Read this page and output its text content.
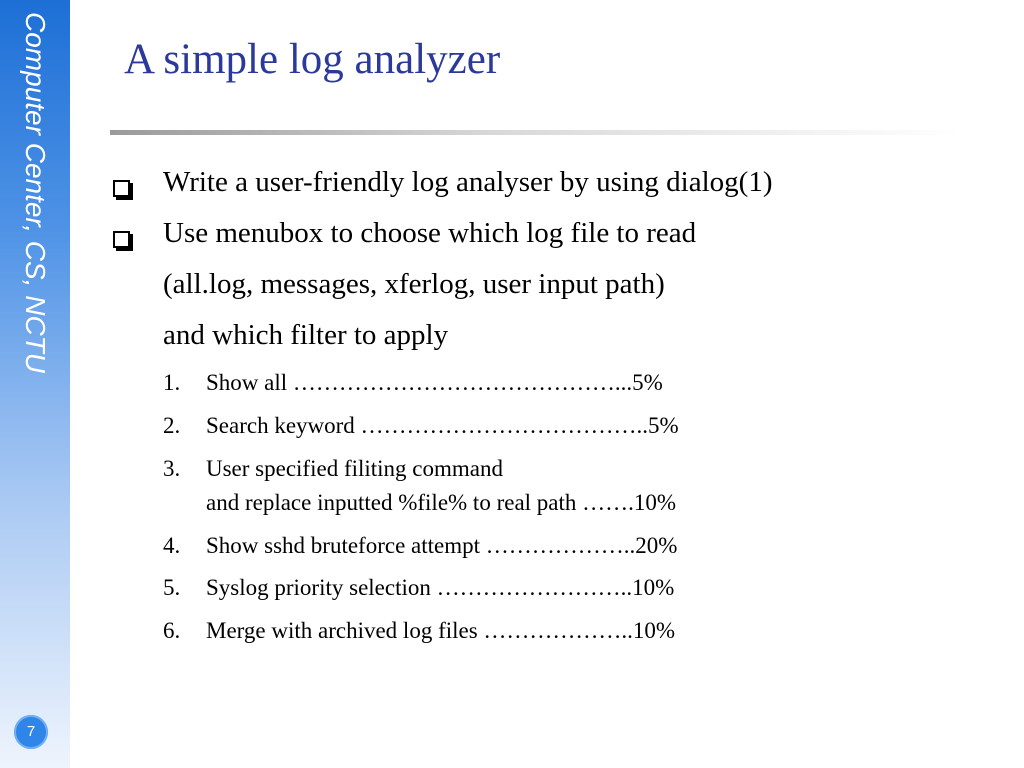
Computer Center, CS, NCTU
7
A simple log analyzer
Write a user-friendly log analyser by using dialog(1)
Use menubox to choose which log file to read
(all.log, messages, xferlog, user input path)
and which filter to apply
1. Show all ……………………………………...5%
2. Search keyword ………………………………..5%
3. User specified filiting command
and replace inputted %file% to real path …….10%
4. Show sshd bruteforce attempt ………………..20%
5. Syslog priority selection ……………………..10%
6. Merge with archived log files ………………..10%
